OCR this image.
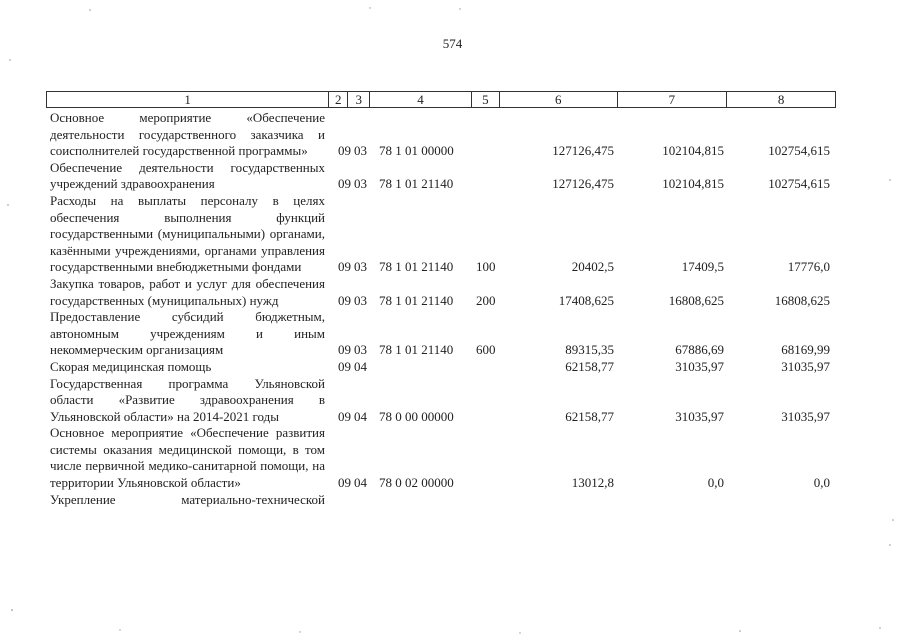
574
1	2	3	4	5	6	7	8
Основное мероприятие «Обеспечение деятельности государственного заказчика и соисполнителей государственной программы»	09 03 78 1 01 00000	127126,475	102104,815	102754,615
Обеспечение деятельности государственных учреждений здравоохранения	09 03 78 1 01 21140	127126,475	102104,815	102754,615
Расходы на выплаты персоналу в целях обеспечения выполнения функций государственными (муниципальными) органами, казёнными учреждениями, органами управления государственными внебюджетными фондами	09 03 78 1 01 21140	100	20402,5	17409,5	17776,0
Закупка товаров, работ и услуг для обеспечения государственных (муниципальных) нужд	09 03 78 1 01 21140	200	17408,625	16808,625	16808,625
Предоставление субсидий бюджетным, автономным учреждениям и иным некоммерческим организациям	09 03 78 1 01 21140	600	89315,35	67886,69	68169,99
Скорая медицинская помощь	09 04	62158,77	31035,97	31035,97
Государственная программа Ульяновской области «Развитие здравоохранения в Ульяновской области» на 2014-2021 годы	09 04 78 0 00 00000	62158,77	31035,97	31035,97
Основное мероприятие «Обеспечение развития системы оказания медицинской помощи, в том числе первичной медико-санитарной помощи, на территории Ульяновской области»	09 04 78 0 02 00000	13012,8	0,0	0,0
Укрепление материально-технической
